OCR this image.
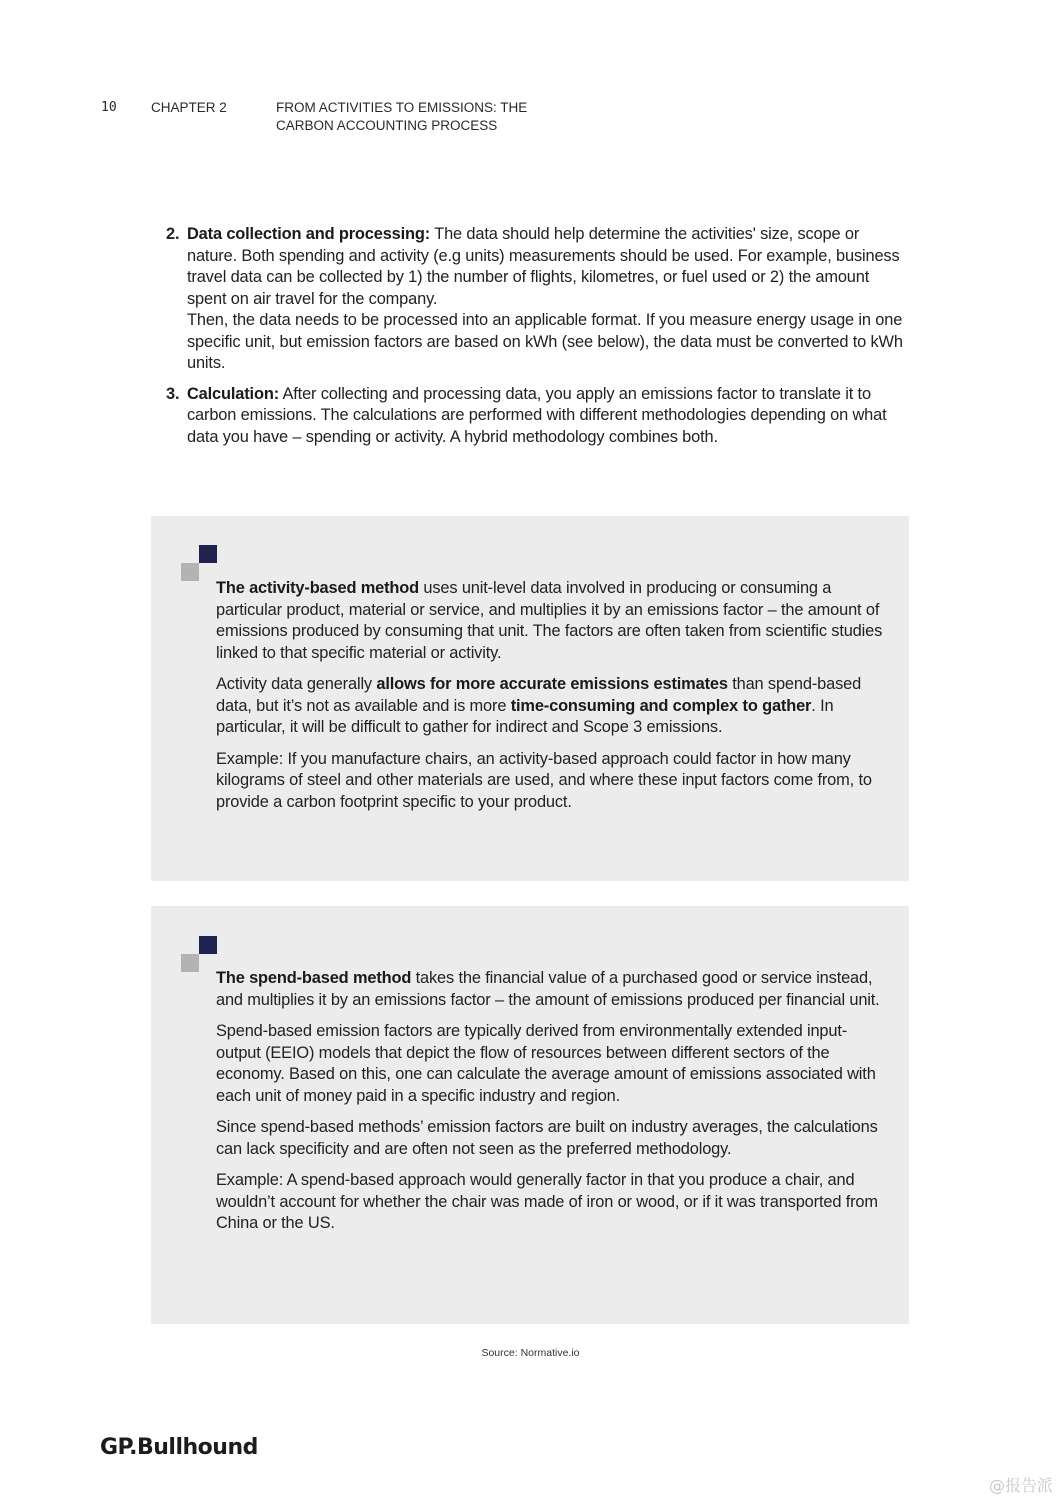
10	CHAPTER 2	FROM ACTIVITIES TO EMISSIONS: THE
CARBON ACCOUNTING PROCESS
2. Data collection and processing: The data should help determine the activities' size, scope or nature. Both spending and activity (e.g units) measurements should be used. For example, business travel data can be collected by 1) the number of flights, kilometres, or fuel used or 2) the amount spent on air travel for the company.
Then, the data needs to be processed into an applicable format. If you measure energy usage in one specific unit, but emission factors are based on kWh (see below), the data must be converted to kWh units.
3. Calculation: After collecting and processing data, you apply an emissions factor to translate it to carbon emissions. The calculations are performed with different methodologies depending on what data you have – spending or activity. A hybrid methodology combines both.

The activity-based method uses unit-level data involved in producing or consuming a particular product, material or service, and multiplies it by an emissions factor – the amount of emissions produced by consuming that unit. The factors are often taken from scientific studies linked to that specific material or activity.

Activity data generally allows for more accurate emissions estimates than spend-based data, but it’s not as available and is more time-consuming and complex to gather. In particular, it will be difficult to gather for indirect and Scope 3 emissions.

Example: If you manufacture chairs, an activity-based approach could factor in how many kilograms of steel and other materials are used, and where these input factors come from, to provide a carbon footprint specific to your product.

The spend-based method takes the financial value of a purchased good or service instead, and multiplies it by an emissions factor – the amount of emissions produced per financial unit.

Spend-based emission factors are typically derived from environmentally extended input-output (EEIO) models that depict the flow of resources between different sectors of the economy. Based on this, one can calculate the average amount of emissions associated with each unit of money paid in a specific industry and region.

Since spend-based methods’ emission factors are built on industry averages, the calculations can lack specificity and are often not seen as the preferred methodology.

Example: A spend-based approach would generally factor in that you produce a chair, and wouldn’t account for whether the chair was made of iron or wood, or if it was transported from China or the US.

Source: Normative.io
GP.Bullhound
@报告派
